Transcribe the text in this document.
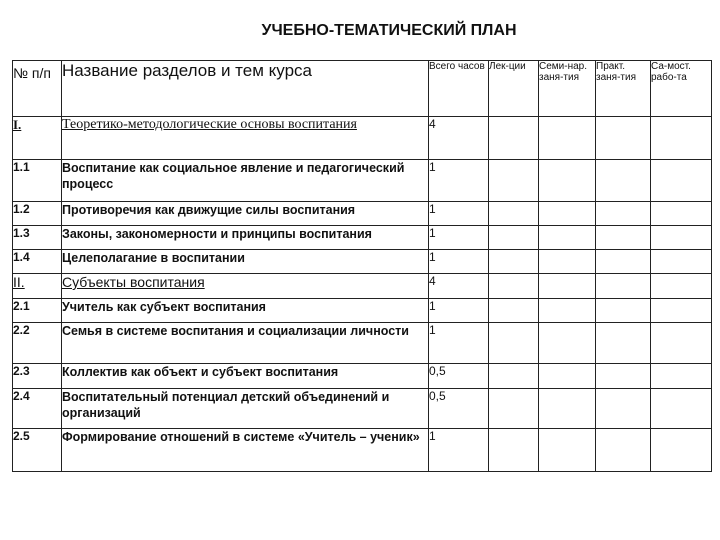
УЧЕБНО-ТЕМАТИЧЕСКИЙ ПЛАН
№ п/п	Название разделов и тем курса	Всего часов	Лек-ции	Семи-нар. заня-тия	Практ. заня-тия	Са-мост. рабо-та
I.	Теоретико-методологические основы воспитания	4				
1.1	Воспитание как социальное явление и педагогический процесс	1				
1.2	Противоречия как движущие силы воспитания	1				
1.3	Законы, закономерности и принципы воспитания	1				
1.4	Целеполагание в воспитании	1				
II.	Субъекты воспитания	4				
2.1	Учитель как субъект воспитания	1				
2.2	Семья в системе воспитания и социализации личности	1				
2.3	Коллектив как объект и субъект воспитания	0,5				
2.4	Воспитательный потенциал детский объединений и организаций	0,5				
2.5	Формирование отношений в системе «Учитель – ученик»	1				
